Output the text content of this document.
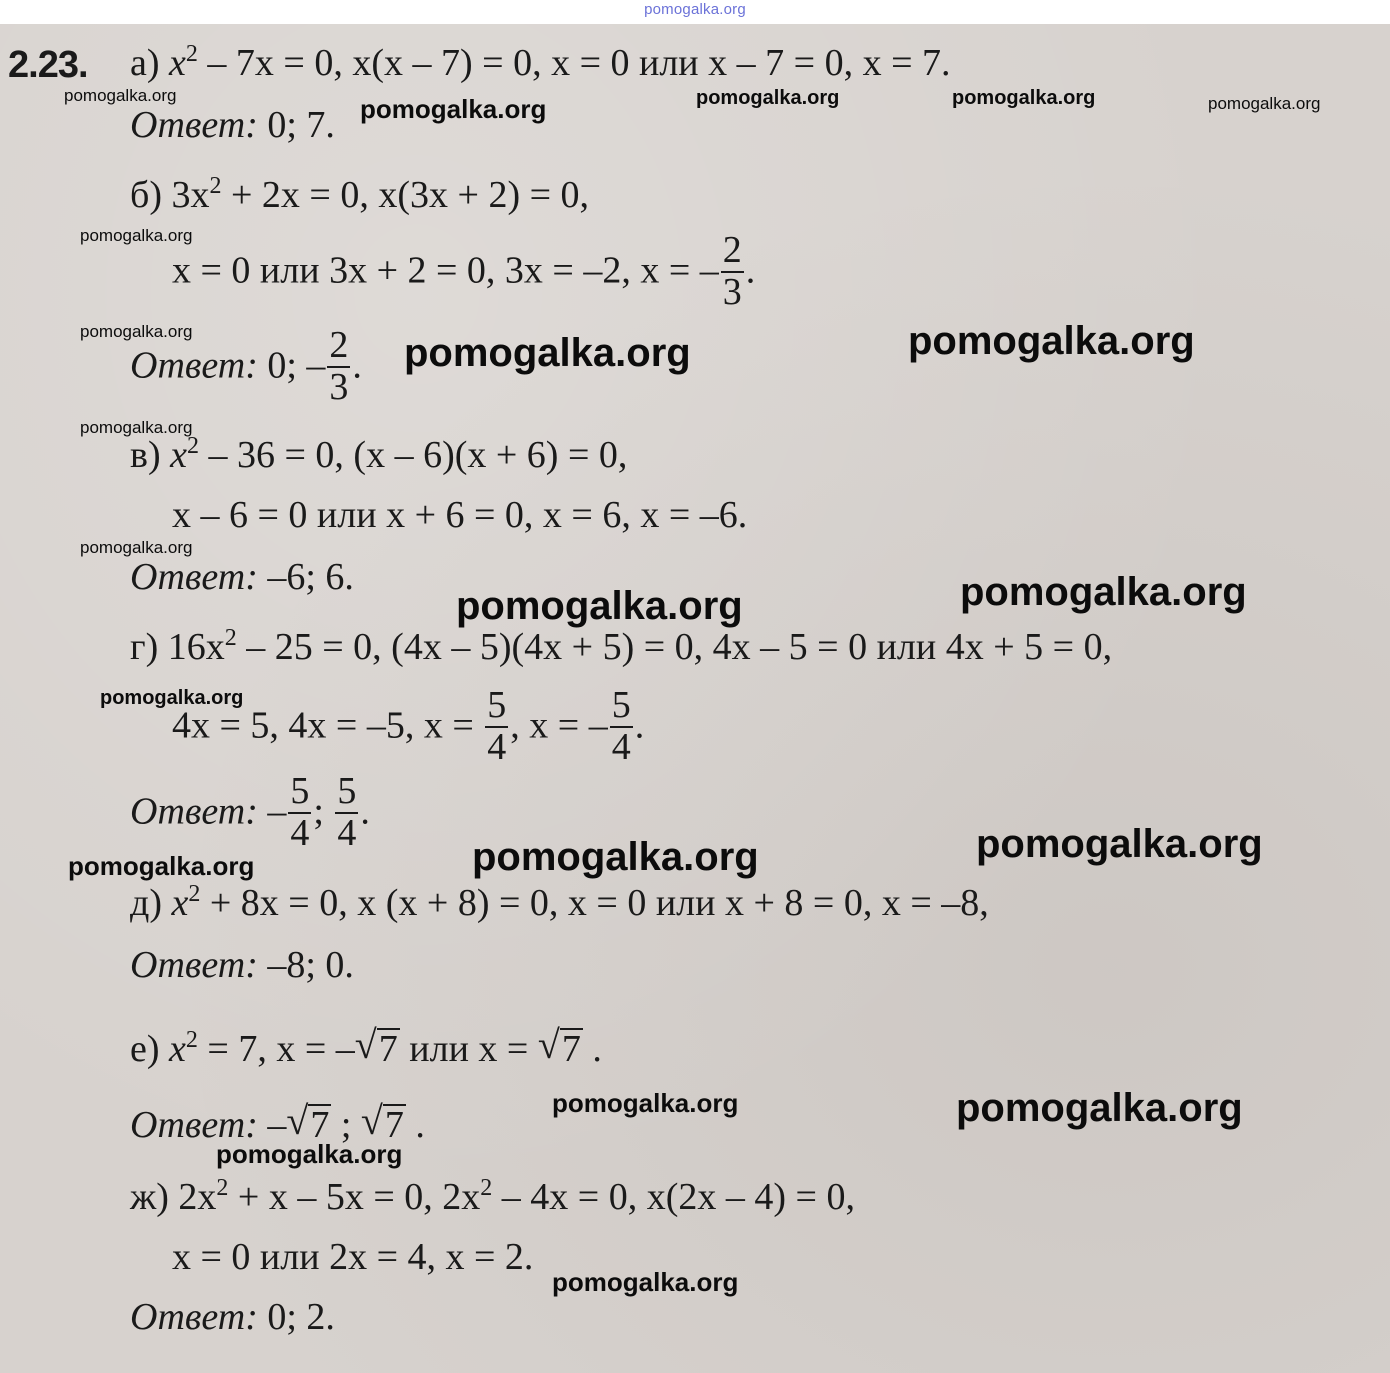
pomogalka.org
2.23. а) $x^2 - 7x = 0$, x(x – 7) = 0, x = 0 или x – 7 = 0, x = 7.
Ответ: 0; 7.
б) $3x^2 + 2x = 0$, x(3x + 2) = 0,
x = 0 или 3x + 2 = 0, 3x = –2, x = – $\frac{2}{3}$ .
Ответ: 0; – $\frac{2}{3}$ .
в) $x^2 - 36 = 0$, (x – 6)(x + 6) = 0,
x – 6 = 0 или x + 6 = 0, x = 6, x = –6.
Ответ: –6; 6.
г) $16x^2 - 25 = 0$, (4x – 5)(4x + 5) = 0, 4x – 5 = 0 или 4x + 5 = 0,
4x = 5, 4x = –5, $x = \frac{5}{4}$ , x = – $\frac{5}{4}$ .
Ответ: – $\frac{5}{4}$ ; $\frac{5}{4}$ .
д) $x^2 + 8x = 0$, x (x + 8) = 0, x = 0 или x + 8 = 0, x = –8,
Ответ: –8; 0.
е) $x^2 = 7$, x = – √ 7 или x = √ 7 .
Ответ: – √ 7 ; √ 7 .
ж) $2x^2 + x - 5x = 0$, $2x^2 - 4x = 0$, x(2x – 4) = 0,
x = 0 или 2x = 4, x = 2.
Ответ: 0; 2.
pomogalka.org	pomogalka.org	pomogalka.org	pomogalka.org	pomogalka.org
pomogalka.org
pomogalka.org	pomogalka.org	pomogalka.org
pomogalka.org
pomogalka.org
pomogalka.org	pomogalka.org
pomogalka.org
pomogalka.org	pomogalka.org	pomogalka.org
pomogalka.org	pomogalka.org
pomogalka.org
pomogalka.org
